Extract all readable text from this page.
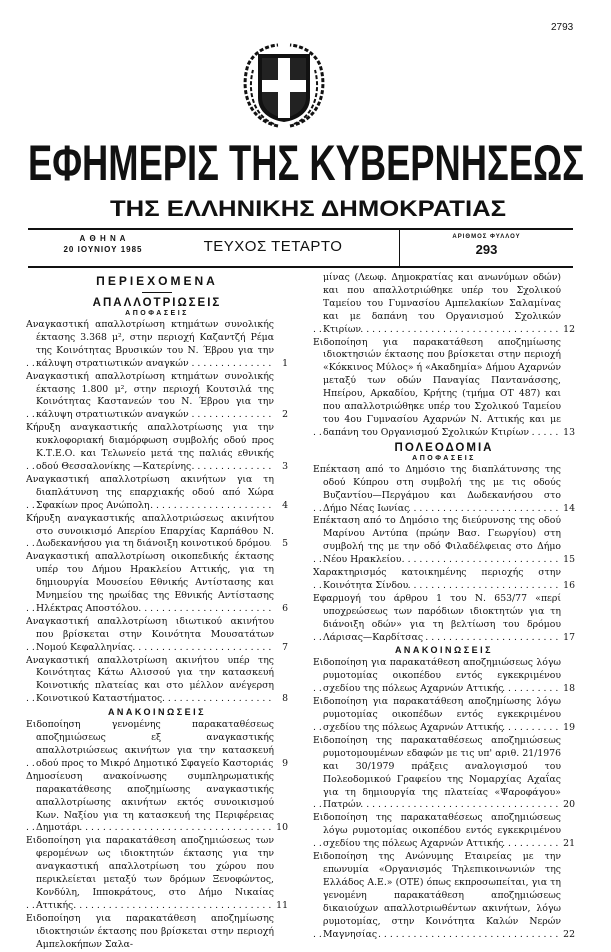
2793
ΕΦΗΜΕΡΙΣ ΤΗΣ ΚΥΒΕΡΝΗΣΕΩΣ
ΤΗΣ ΕΛΛΗΝΙΚΗΣ ΔΗΜΟΚΡΑΤΙΑΣ
Α Θ Η Ν Α
20 ΙΟΥΝΙΟΥ 1985	ΤΕΥΧΟΣ ΤΕΤΑΡΤΟ
ΑΡΙΘΜΟΣ ΦΥΛΛΟΥ
293
ΠΕΡΙΕΧΟΜΕΝΑ
ΑΠΑΛΛΟΤΡΙΩΣΕΙΣ
ΑΠΟΦΑΣΕΙΣ

Αναγκαστική απαλλοτρίωση κτημάτων συνολικής έκτασης 3.368 μ², στην περιοχή Καζαντζή Ρέμα της Κοινότητας Βρυσικών του Ν. Έβρου για την κάλυψη στρατιωτικών αναγκών	1
. . .

Αναγκαστική απαλλοτρίωση κτημάτων συνολικής έκτασης 1.800 μ², στην περιοχή Κουτσιλά της Κοινότητας Καστανεών του Ν. Έβρου για την κάλυψη στρατιωτικών αναγκών	2
. . .

Κήρυξη αναγκαστικής απαλλοτρίωσης για την κυκλοφοριακή διαμόρφωση συμβολής οδού προς Κ.Τ.Ε.Ο. και Τελωνείο μετά της παλιάς εθνικής οδού Θεσσαλονίκης —Κατερίνης	3
. . .

Αναγκαστική απαλλοτρίωση ακινήτων για τη διαπλάτυνση της επαρχιακής οδού από Χώρα Σφακίων προς Ανώπολη	4
. . .

Κήρυξη αναγκαστικής απαλλοτριώσεως ακινήτου στο συνοικισμό Απερίου Επαρχίας Καρπάθου Ν. Δωδεκανήσου για τη διάνοιξη κοινοτικού δρόμου	5
. . .

Αναγκαστική απαλλοτρίωση οικοπεδικής έκτασης υπέρ του Δήμου Ηρακλείου Αττικής, για τη δημιουργία Μουσείου Εθνικής Αντίστασης και Μνημείου της ηρωίδας της Εθνικής Αντίστασης Ηλέκτρας Αποστόλου	6
. . .

Αναγκαστική απαλλοτρίωση ιδιωτικού ακινήτου που βρίσκεται στην Κοινότητα Μουσατάτων Νομού Κεφαλληνίας	7
. . .

Αναγκαστική απαλλοτρίωση ακινήτου υπέρ της Κοινότητας Κάτω Αλισσού για την κατασκευή Κοινοτικής πλατείας και στο μέλλον ανέγερση Κοινοτικού Καταστήματος	8
. . .

ΑΝΑΚΟΙΝΩΣΕΙΣ

Ειδοποίηση γενομένης παρακαταθέσεως αποζημιώσεως εξ αναγκαστικής απαλλοτριώσεως ακινήτων για την κατασκευή οδού προς το Μικρό Δημοτικό Σφαγείο Καστοριάς 9
. . .

Δημοσίευση ανακοίνωσης συμπληρωματικής παρακατάθεσης αποζημίωσης αναγκαστικής απαλλοτρίωσης ακινήτων εκτός συνοικισμού Κων. Ναξίου για τη κατασκευή της Περιφέρειας Δημοτάρι	10
. . .

Ειδοποίηση για παρακατάθεση αποζημιώσεως των φερομένων ως ιδιοκτητών έκτασης για την αναγκαστική απαλλοτρίωση του χώρου που περικλείεται μεταξύ των δρόμων Ξενοφώντος, Κονδύλη, Ιπποκράτους, στο Δήμο Νικαίας Αττικής	11
. . .

Ειδοποίηση για παρακατάθεση αποζημίωσης ιδιοκτησιών έκτασης που βρίσκεται στην περιοχή Αμπελοκήπων Σαλα-

μίνας (Λεωφ. Δημοκρατίας και ανωνύμων οδών) και που απαλλοτριώθηκε υπέρ του Σχολικού Ταμείου του Γυμνασίου Αμπελακίων Σαλαμίνας και με δαπάνη του Οργανισμού Σχολικών Κτιρίων	12
. . .

Ειδοποίηση για παρακατάθεση αποζημίωσης ιδιοκτησιών έκτασης που βρίσκεται στην περιοχή «Κόκκινος Μύλος» ή «Ακαδημία» Δήμου Αχαρνών μεταξύ των οδών Παναγίας Παντανάσσης, Ηπείρου, Αρκαδίου, Κρήτης (τμήμα ΟΤ 487) και που απαλλοτριώθηκε υπέρ του Σχολικού Ταμείου του 4ου Γυμνασίου Αχαρνών Ν. Αττικής και με δαπάνη του Οργανισμού Σχολικών Κτιρίων	13
. . .

ΠΟΛΕΟΔΟΜΙΑ
ΑΠΟΦΑΣΕΙΣ

Επέκταση από το Δημόσιο της διαπλάτυνσης της οδού Κύπρου στη συμβολή της με τις οδούς Βυζαντίου—Περγάμου και Δωδεκανήσου στο Δήμο Νέας Ιωνίας	14
. . .

Επέκταση από το Δημόσιο της διεύρυνσης της οδού Μαρίνου Αντύπα (πρώην Βασ. Γεωργίου) στη συμβολή της με την οδό Φιλαδέλφειας στο Δήμο Νέου Ηρακλείου	15
. . .

Χαρακτηρισμός κατοικημένης περιοχής στην Κοινότητα Σίνδου	16
. . .

Εφαρμογή του άρθρου 1 του Ν. 653/77 «περί υποχρεώσεως των παρόδιων ιδιοκτητών για τη διάνοιξη οδών» για τη βελτίωση του δρόμου Λάρισας—Καρδίτσας	17
. . .

ΑΝΑΚΟΙΝΩΣΕΙΣ

Ειδοποίηση για παρακατάθεση αποζημιώσεως λόγω ρυμοτομίας οικοπέδου εντός εγκεκριμένου σχεδίου της πόλεως Αχαρνών Αττικής	18
. . .

Ειδοποίηση για παρακατάθεση αποζημίωσης λόγω ρυμοτομίας οικοπέδων εντός εγκεκριμένου σχεδίου της πόλεως Αχαρνών Αττικής	19
. . .

Ειδοποίηση της παρακαταθέσεως αποζημιώσεως ρυμοτομουμένων εδαφών με τις υπ' αριθ. 21/1976 και 30/1979 πράξεις αναλογισμού του Πολεοδομικού Γραφείου της Νομαρχίας Αχαΐας για τη δημιουργία της πλατείας «Ψαροφάγου» Πατρών	20
. . .

Ειδοποίηση της παρακαταθέσεως αποζημιώσεως λόγω ρυμοτομίας οικοπέδου εντός εγκεκριμένου σχεδίου της πόλεως Αχαρνών Αττικής	21
. . .

Ειδοποίηση της Ανώνυμης Εταιρείας με την επωνυμία «Οργανισμός Τηλεπικοινωνιών της Ελλάδος Α.Ε.» (ΟΤΕ) όπως εκπροσωπείται, για τη γενομένη παρακατάθεση αποζημιώσεως δικαιούχων απαλλοτριωθέντων ακινήτων, λόγω ρυμοτομίας, στην Κοινότητα Καλών Νερών Μαγνησίας	22
. . .
